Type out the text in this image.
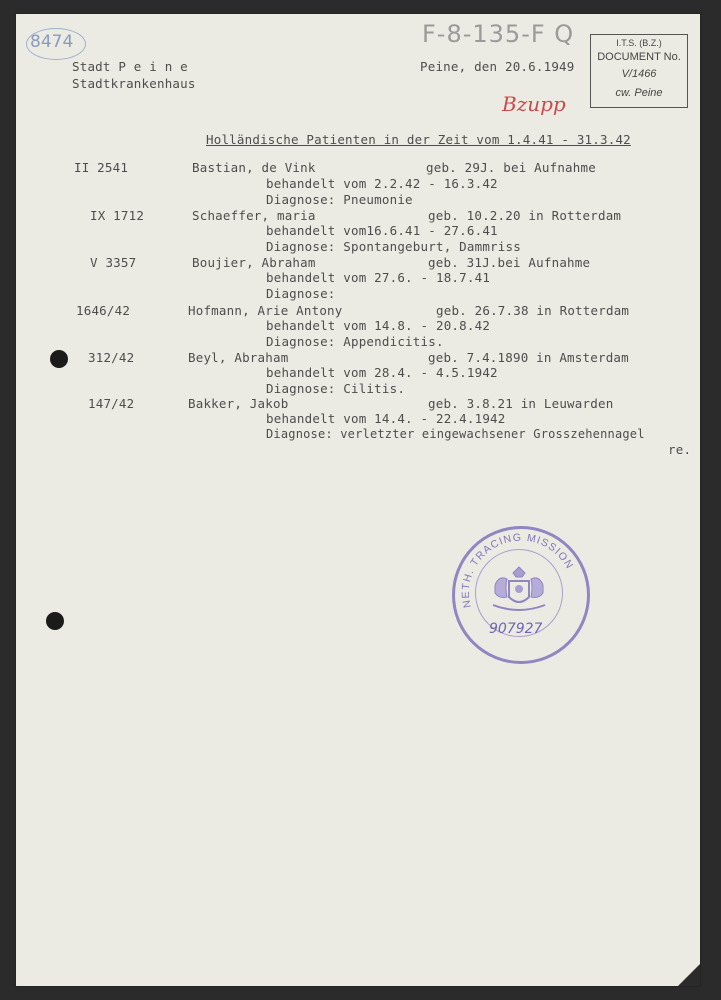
8474	F-8-135-F Q	I.T.S. (B.Z.)
DOCUMENT No.
V/1466
cw. Peine
Stadt P e i n e
Stadtkrankenhaus
Peine, den 20.6.1949
Bzupp
Holländische Patienten in der Zeit vom 1.4.41 - 31.3.42
II 2541	Bastian, de Vink	geb. 29J. bei Aufnahme
behandelt vom 2.2.42 - 16.3.42
Diagnose: Pneumonie
IX 1712	Schaeffer, maria	geb. 10.2.20 in Rotterdam
behandelt vom16.6.41 - 27.6.41
Diagnose: Spontangeburt, Dammriss
V 3357	Boujier, Abraham	geb. 31J.bei Aufnahme
behandelt vom 27.6. - 18.7.41
Diagnose:
1646/42	Hofmann, Arie Antony	geb. 26.7.38 in Rotterdam
behandelt vom 14.8. - 20.8.42
Diagnose: Appendicitis.
312/42	Beyl, Abraham	geb. 7.4.1890 in Amsterdam
behandelt vom 28.4. - 4.5.1942
Diagnose: Cilitis.
147/42	Bakker, Jakob	geb. 3.8.21 in Leuwarden
behandelt vom 14.4. - 22.4.1942
Diagnose: verletzter eingewachsener Grosszehennagel
re.
NETH. TRACING MISSION
907927
